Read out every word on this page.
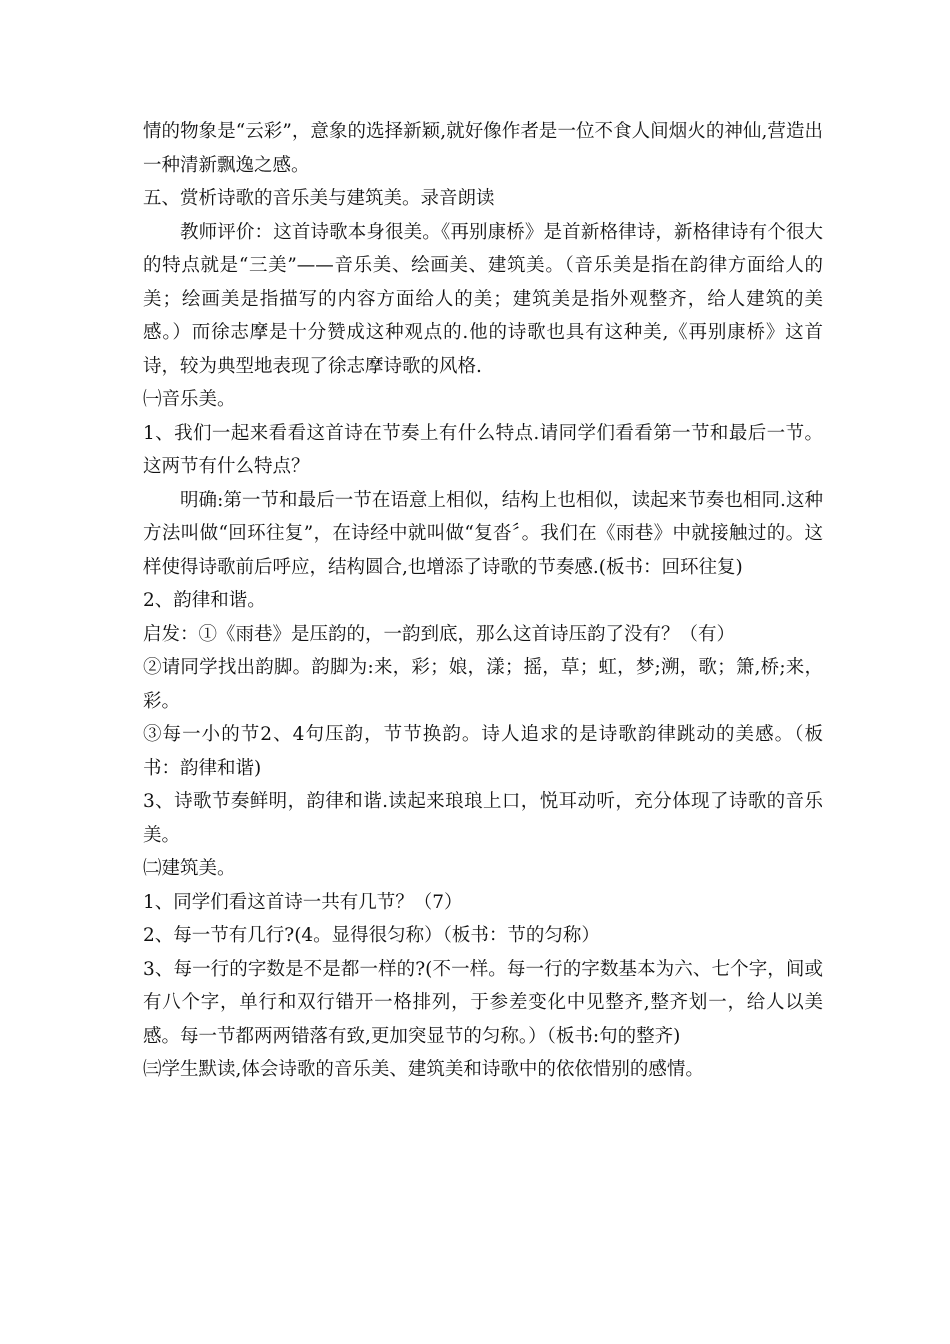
情的物象是“云彩”，意象的选择新颖,就好像作者是一位不食人间烟火的神仙,营造出一种清新飘逸之感。

五、赏析诗歌的音乐美与建筑美。录音朗读

教师评价：这首诗歌本身很美。《再别康桥》是首新格律诗，新格律诗有个很大的特点就是“三美”——音乐美、绘画美、建筑美。（音乐美是指在韵律方面给人的美；绘画美是指描写的内容方面给人的美；建筑美是指外观整齐，给人建筑的美感。）而徐志摩是十分赞成这种观点的.他的诗歌也具有这种美,《再别康桥》这首诗，较为典型地表现了徐志摩诗歌的风格.

㈠音乐美。

1、我们一起来看看这首诗在节奏上有什么特点.请同学们看看第一节和最后一节。这两节有什么特点？

明确:第一节和最后一节在语意上相似，结构上也相似，读起来节奏也相同.这种方法叫做“回环往复”，在诗经中就叫做“复沓〞。我们在《雨巷》中就接触过的。这样使得诗歌前后呼应，结构圆合,也增添了诗歌的节奏感.(板书：回环往复)

2、韵律和谐。

启发：①《雨巷》是压韵的，一韵到底，那么这首诗压韵了没有？（有）

②请同学找出韵脚。韵脚为:来，彩；娘，漾；摇，草；虹，梦;溯，歌；箫,桥;来，彩。

③每一小的节2、4句压韵，节节换韵。诗人追求的是诗歌韵律跳动的美感。（板书：韵律和谐)

3、诗歌节奏鲜明，韵律和谐.读起来琅琅上口，悦耳动听，充分体现了诗歌的音乐美。

㈡建筑美。

1、同学们看这首诗一共有几节？（7）

2、每一节有几行?(4。显得很匀称）（板书：节的匀称）

3、每一行的字数是不是都一样的?(不一样。每一行的字数基本为六、七个字，间或有八个字，单行和双行错开一格排列，于参差变化中见整齐,整齐划一，给人以美感。每一节都两两错落有致,更加突显节的匀称。）（板书:句的整齐)

㈢学生默读,体会诗歌的音乐美、建筑美和诗歌中的依依惜别的感情。
